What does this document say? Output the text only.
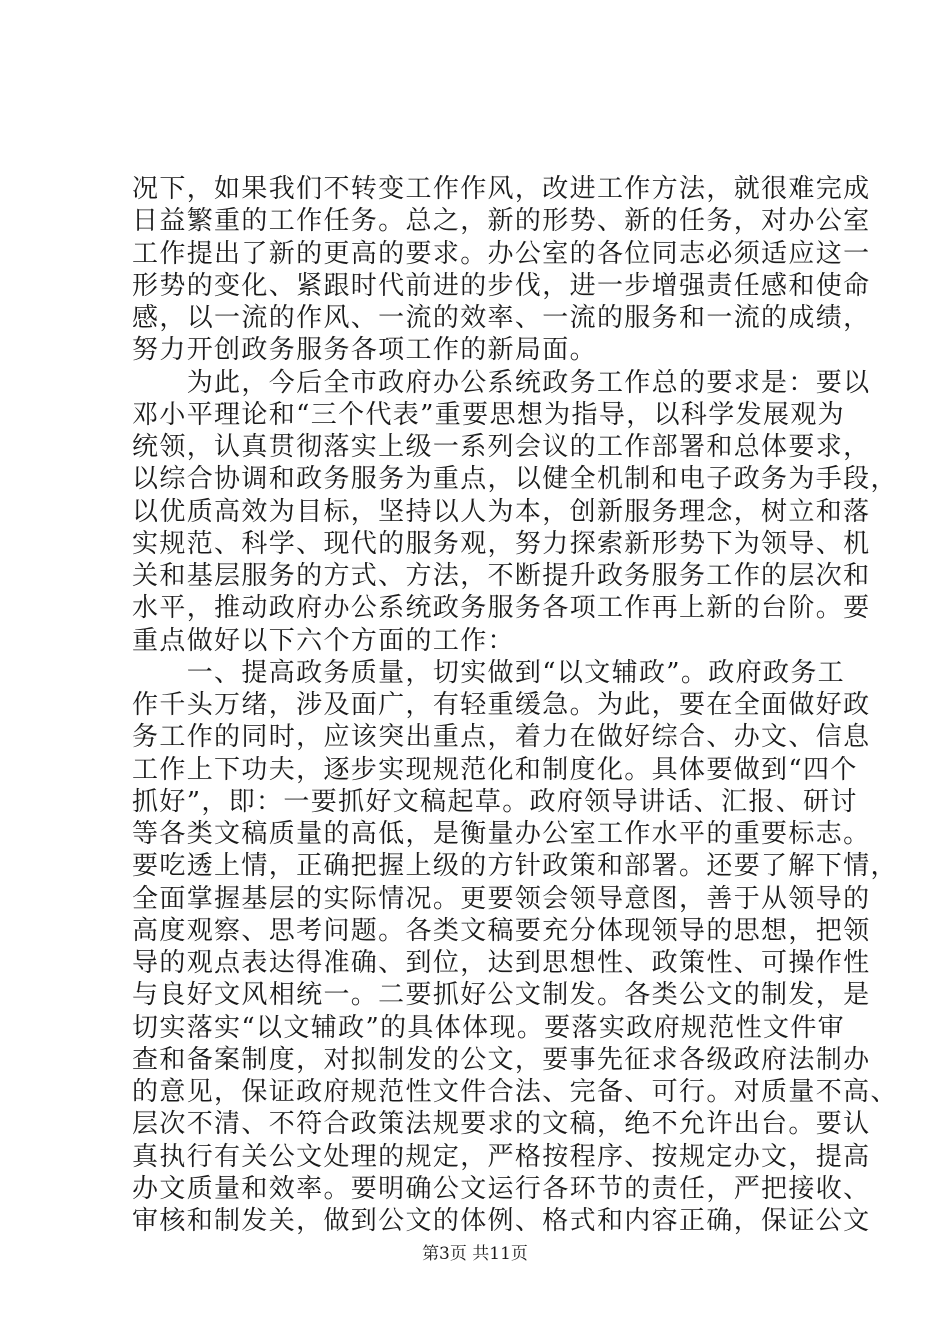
况下，如果我们不转变工作作风，改进工作方法，就很难完成
日益繁重的工作任务。总之，新的形势、新的任务，对办公室
工作提出了新的更高的要求。办公室的各位同志必须适应这一
形势的变化、紧跟时代前进的步伐，进一步增强责任感和使命
感，以一流的作风、一流的效率、一流的服务和一流的成绩，
努力开创政务服务各项工作的新局面。
　　为此，今后全市政府办公系统政务工作总的要求是：要以
邓小平理论和“三个代表”重要思想为指导，以科学发展观为
统领，认真贯彻落实上级一系列会议的工作部署和总体要求，
以综合协调和政务服务为重点，以健全机制和电子政务为手段，
以优质高效为目标，坚持以人为本，创新服务理念，树立和落
实规范、科学、现代的服务观，努力探索新形势下为领导、机
关和基层服务的方式、方法，不断提升政务服务工作的层次和
水平，推动政府办公系统政务服务各项工作再上新的台阶。要
重点做好以下六个方面的工作：
　　一、提高政务质量，切实做到“以文辅政”。政府政务工
作千头万绪，涉及面广，有轻重缓急。为此，要在全面做好政
务工作的同时，应该突出重点，着力在做好综合、办文、信息
工作上下功夫，逐步实现规范化和制度化。具体要做到“四个
抓好”，即：一要抓好文稿起草。政府领导讲话、汇报、研讨
等各类文稿质量的高低，是衡量办公室工作水平的重要标志。
要吃透上情，正确把握上级的方针政策和部署。还要了解下情，
全面掌握基层的实际情况。更要领会领导意图，善于从领导的
高度观察、思考问题。各类文稿要充分体现领导的思想，把领
导的观点表达得准确、到位，达到思想性、政策性、可操作性
与良好文风相统一。二要抓好公文制发。各类公文的制发，是
切实落实“以文辅政”的具体体现。要落实政府规范性文件审
查和备案制度，对拟制发的公文，要事先征求各级政府法制办
的意见，保证政府规范性文件合法、完备、可行。对质量不高、
层次不清、不符合政策法规要求的文稿，绝不允许出台。要认
真执行有关公文处理的规定，严格按程序、按规定办文，提高
办文质量和效率。要明确公文运行各环节的责任，严把接收、
审核和制发关，做到公文的体例、格式和内容正确，保证公文
第3页 共11页
